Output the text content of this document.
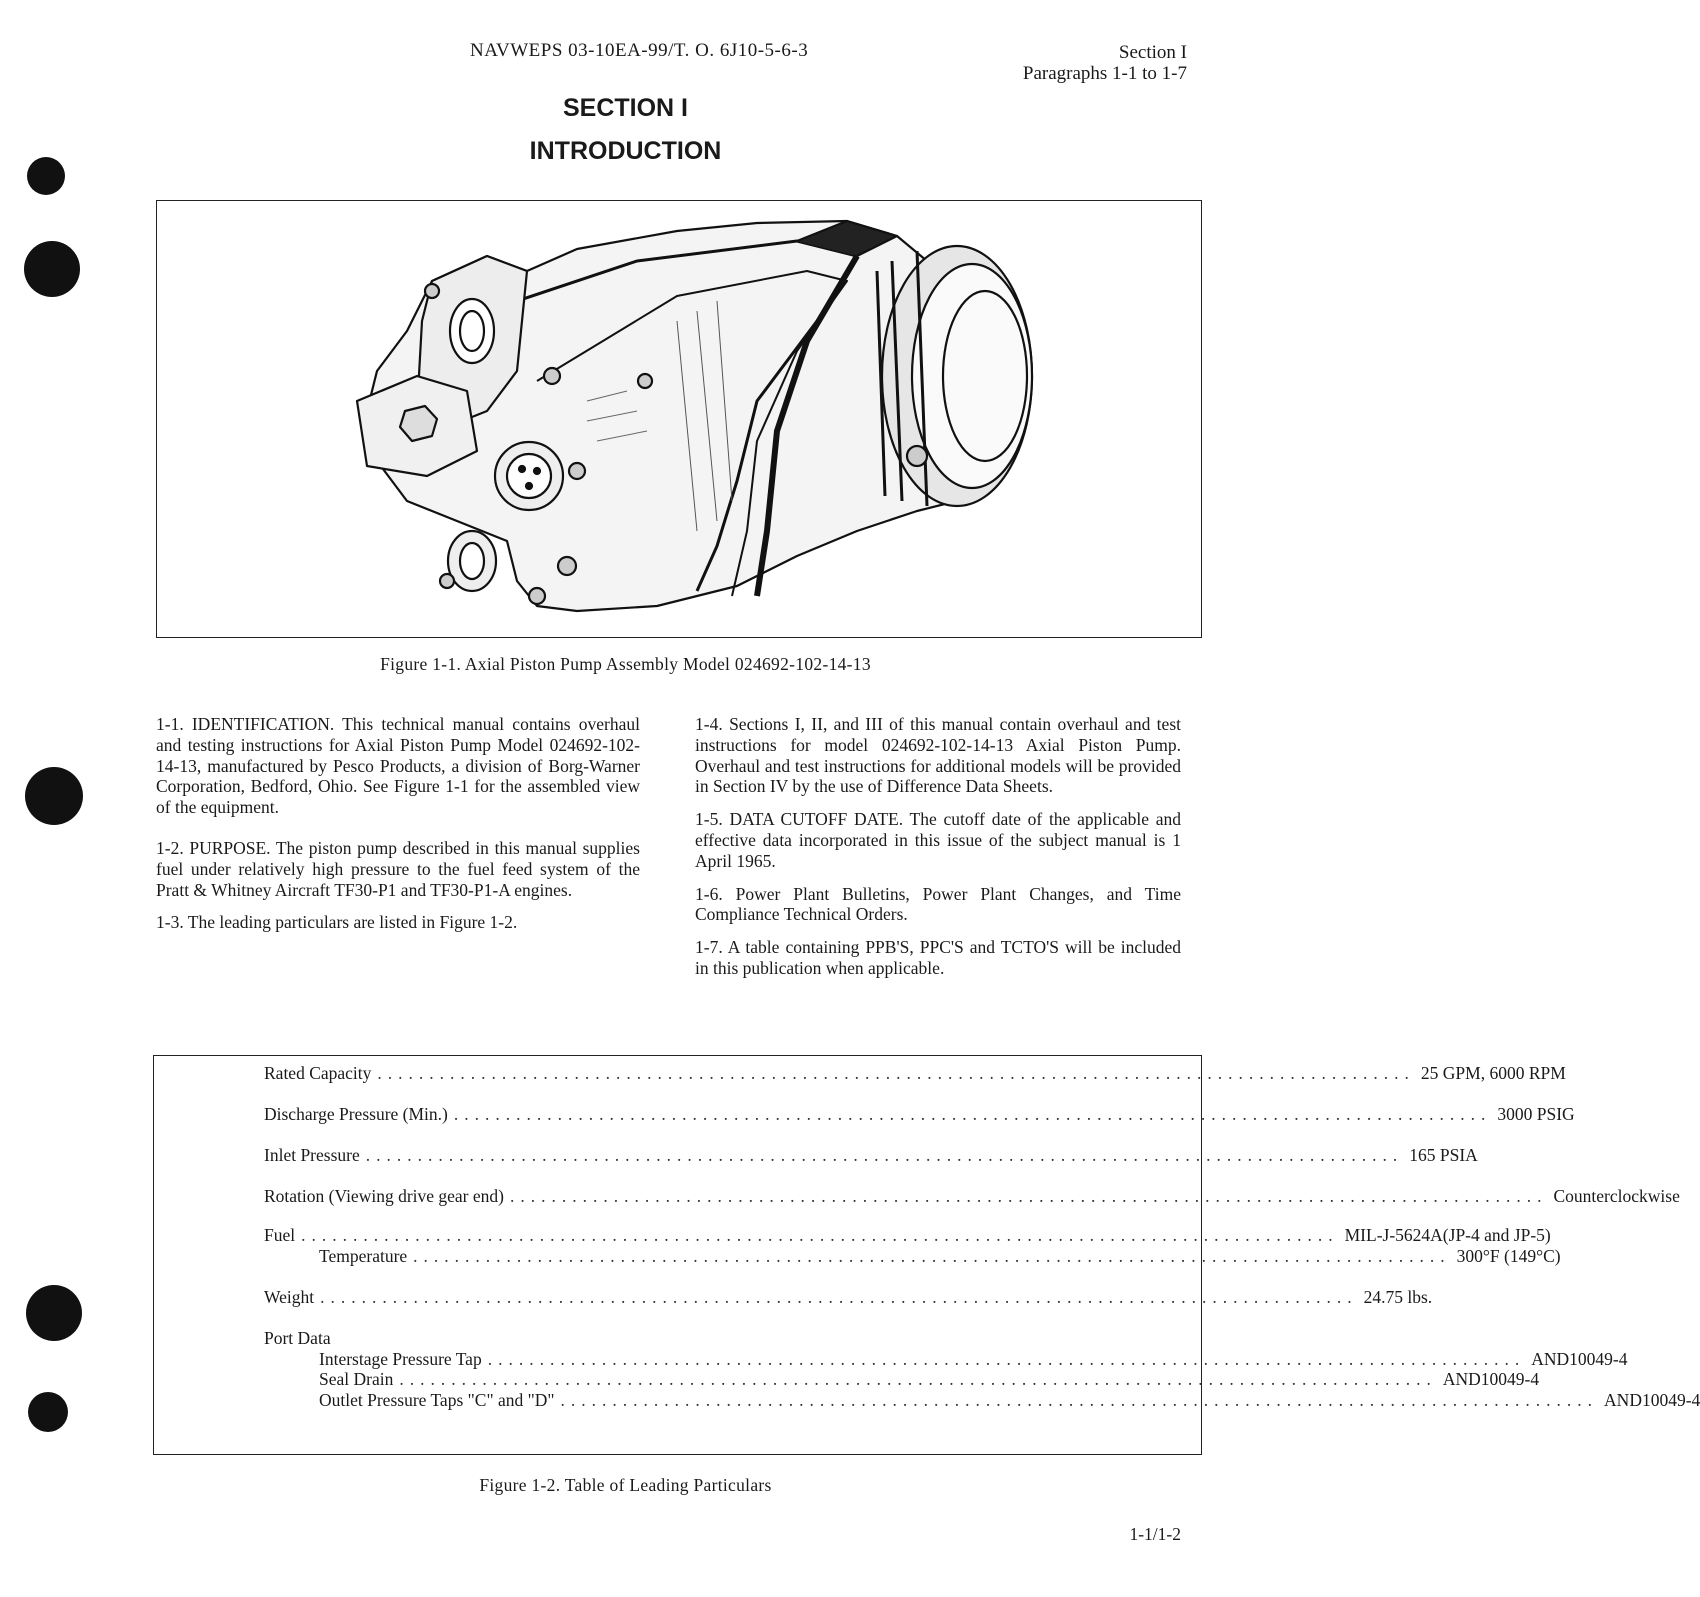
NAVWEPS 03-10EA-99/T. O. 6J10-5-6-3	Section I
Paragraphs 1-1 to 1-7
SECTION I
INTRODUCTION
Figure 1-1. Axial Piston Pump Assembly Model 024692-102-14-13

1-1. IDENTIFICATION. This technical manual contains overhaul and testing instructions for Axial Piston Pump Model 024692-102-14-13, manufactured by Pesco Products, a division of Borg-Warner Corporation, Bedford, Ohio. See Figure 1-1 for the assembled view of the equipment.

1-2. PURPOSE. The piston pump described in this manual supplies fuel under relatively high pressure to the fuel feed system of the Pratt & Whitney Aircraft TF30-P1 and TF30-P1-A engines.

1-3. The leading particulars are listed in Figure 1-2.

1-4. Sections I, II, and III of this manual contain overhaul and test instructions for model 024692-102-14-13 Axial Piston Pump. Overhaul and test instructions for additional models will be provided in Section IV by the use of Difference Data Sheets.

1-5. DATA CUTOFF DATE. The cutoff date of the applicable and effective data incorporated in this issue of the subject manual is 1 April 1965.

1-6. Power Plant Bulletins, Power Plant Changes, and Time Compliance Technical Orders.

1-7. A table containing PPB'S, PPC'S and TCTO'S will be included in this publication when applicable.

Rated Capacity .................................................................................................... 25 GPM, 6000 RPM
Discharge Pressure (Min.) .................................................................................................... 3000 PSIG
Inlet Pressure .................................................................................................... 165 PSIA
Rotation (Viewing drive gear end) .................................................................................................... Counterclockwise
Fuel .................................................................................................... MIL-J-5624A(JP-4 and JP-5)
Temperature .................................................................................................... 300°F (149°C)
Weight .................................................................................................... 24.75 lbs.
Port Data
Interstage Pressure Tap .................................................................................................... AND10049-4
Seal Drain .................................................................................................... AND10049-4
Outlet Pressure Taps "C" and "D" .................................................................................................... AND10049-4
Figure 1-2. Table of Leading Particulars
1-1/1-2
